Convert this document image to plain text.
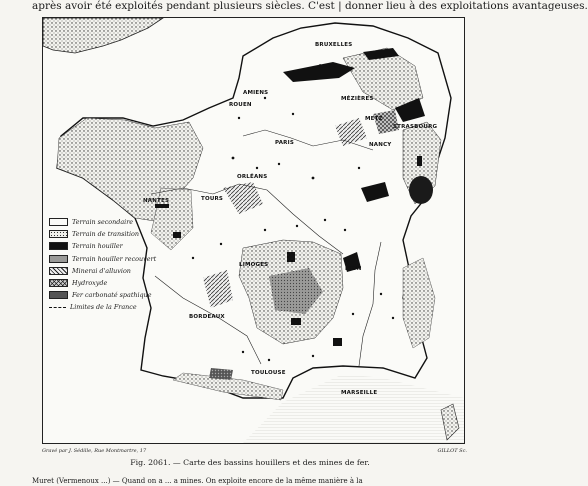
après avoir été exploités pendant plusieurs siècles. C'est | donner lieu à des exploitations avantageuses.
BRUXELLES
LILLE
AMIENS
MÉZIÈRES
ROUEN
METZ
STRASBOURG
PARIS	NANCY
ORLÉANS
TOURS
NANTES
LYON
LIMOGES
BORDEAUX
TOULOUSE
MARSEILLE
Terrain secondaire
Terrain de transition
Terrain houiller
Terrain houiller recouvert
Minerai d'alluvion
Hydroxyde
Fer carbonaté spathique
Limites de la France
Gravé par J. Sédille, Rue Montmartre, 17	GILLOT Sc.
Fig. 2061. — Carte des bassins houillers et des mines de fer.
Muret (Vermenoux ...) — Quand on a ... a mines. On exploite encore de la même manière à la
